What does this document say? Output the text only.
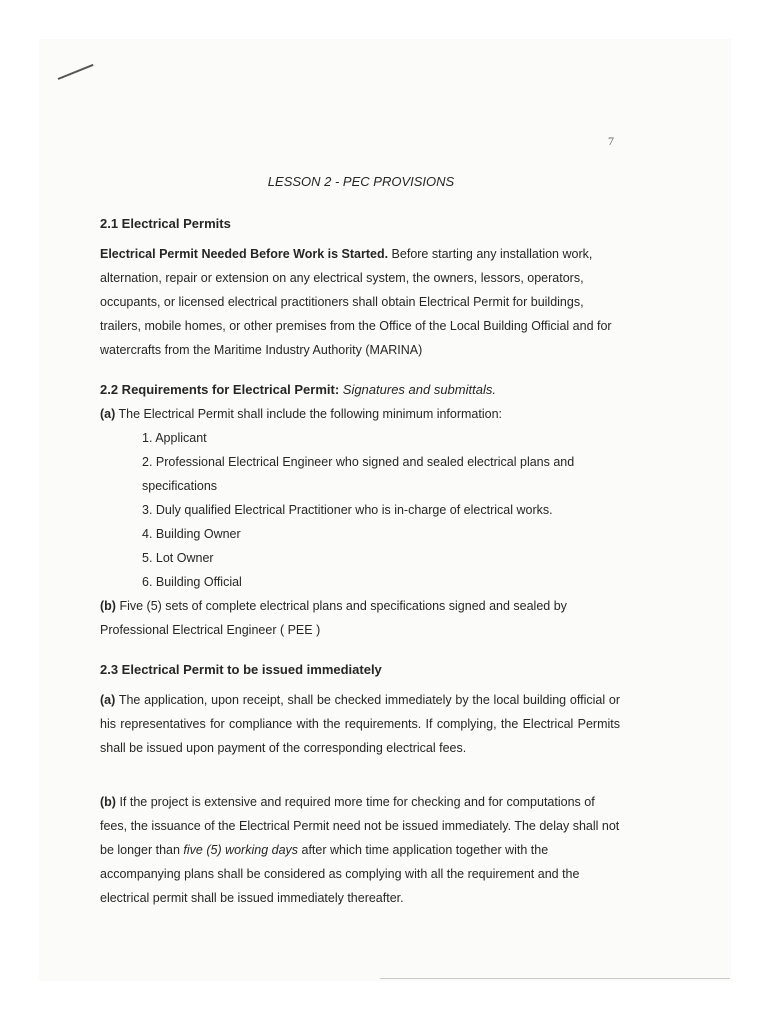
7
LESSON 2 - PEC PROVISIONS
2.1 Electrical Permits
Electrical Permit Needed Before Work is Started. Before starting any installation work, alternation, repair or extension on any electrical system, the owners, lessors, operators, occupants, or licensed electrical practitioners shall obtain Electrical Permit for buildings, trailers, mobile homes, or other premises from the Office of the Local Building Official and for watercrafts from the Maritime Industry Authority (MARINA)
2.2 Requirements for Electrical Permit: Signatures and submittals.
(a) The Electrical Permit shall include the following minimum information:
1. Applicant
2. Professional Electrical Engineer who signed and sealed electrical plans and specifications
3. Duly qualified Electrical Practitioner who is in-charge of electrical works.
4. Building Owner
5. Lot Owner
6. Building Official
(b) Five (5) sets of complete electrical plans and specifications signed and sealed by Professional Electrical Engineer ( PEE )
2.3 Electrical Permit to be issued immediately
(a) The application, upon receipt, shall be checked immediately by the local building official or his representatives for compliance with the requirements. If complying, the Electrical Permits shall be issued upon payment of the corresponding electrical fees.
(b) If the project is extensive and required more time for checking and for computations of fees, the issuance of the Electrical Permit need not be issued immediately. The delay shall not be longer than five (5) working days after which time application together with the accompanying plans shall be considered as complying with all the requirement and the electrical permit shall be issued immediately thereafter.
